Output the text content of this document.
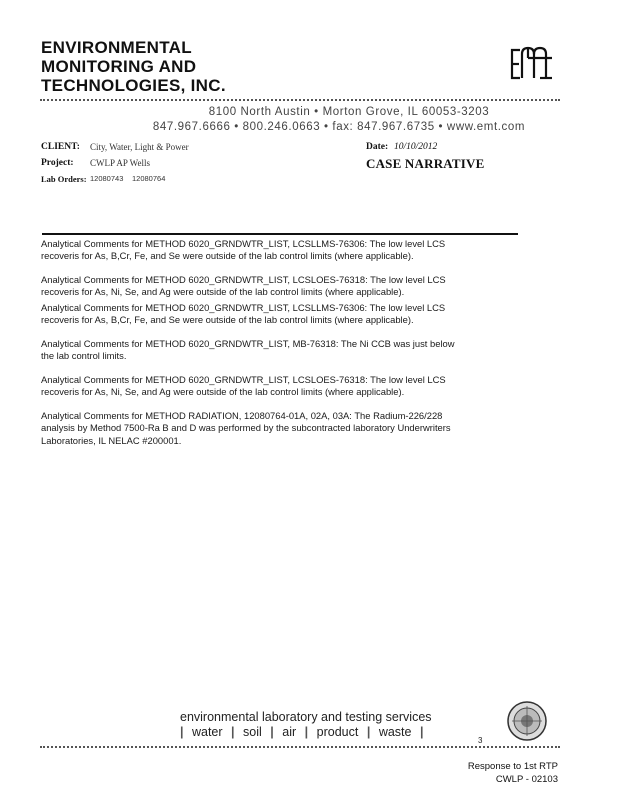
ENVIRONMENTAL
MONITORING AND
TECHNOLOGIES, INC.
8100 North Austin • Morton Grove, IL 60053-3203
847.967.6666 • 800.246.0663 • fax: 847.967.6735 • www.emt.com
CLIENT: City, Water, Light & Power
Project: CWLP AP Wells
Lab Orders: 12080743 12080764
Date: 10/10/2012
CASE NARRATIVE

Analytical Comments for METHOD 6020_GRNDWTR_LIST, LCSLLMS-76306: The low level LCS
recoveris for As, B,Cr, Fe, and Se were outside of the lab control limits (where applicable).

Analytical Comments for METHOD 6020_GRNDWTR_LIST, LCSLOES-76318: The low level LCS
recoveris for As, Ni, Se, and Ag were outside of the lab control limits (where applicable).

Analytical Comments for METHOD 6020_GRNDWTR_LIST, LCSLLMS-76306: The low level LCS
recoveris for As, B,Cr, Fe, and Se were outside of the lab control limits (where applicable).

Analytical Comments for METHOD 6020_GRNDWTR_LIST, MB-76318: The Ni CCB was just below
the lab control limits.

Analytical Comments for METHOD 6020_GRNDWTR_LIST, LCSLOES-76318: The low level LCS
recoveris for As, Ni, Se, and Ag were outside of the lab control limits (where applicable).

Analytical Comments for METHOD RADIATION, 12080764-01A, 02A, 03A: The Radium-226/228
analysis by Method 7500-Ra B and D was performed by the subcontracted laboratory Underwriters
Laboratories, IL NELAC #200001.

environmental laboratory and testing services
| water | soil | air | product | waste |
3
Response to 1st RTP
CWLP - 02103
